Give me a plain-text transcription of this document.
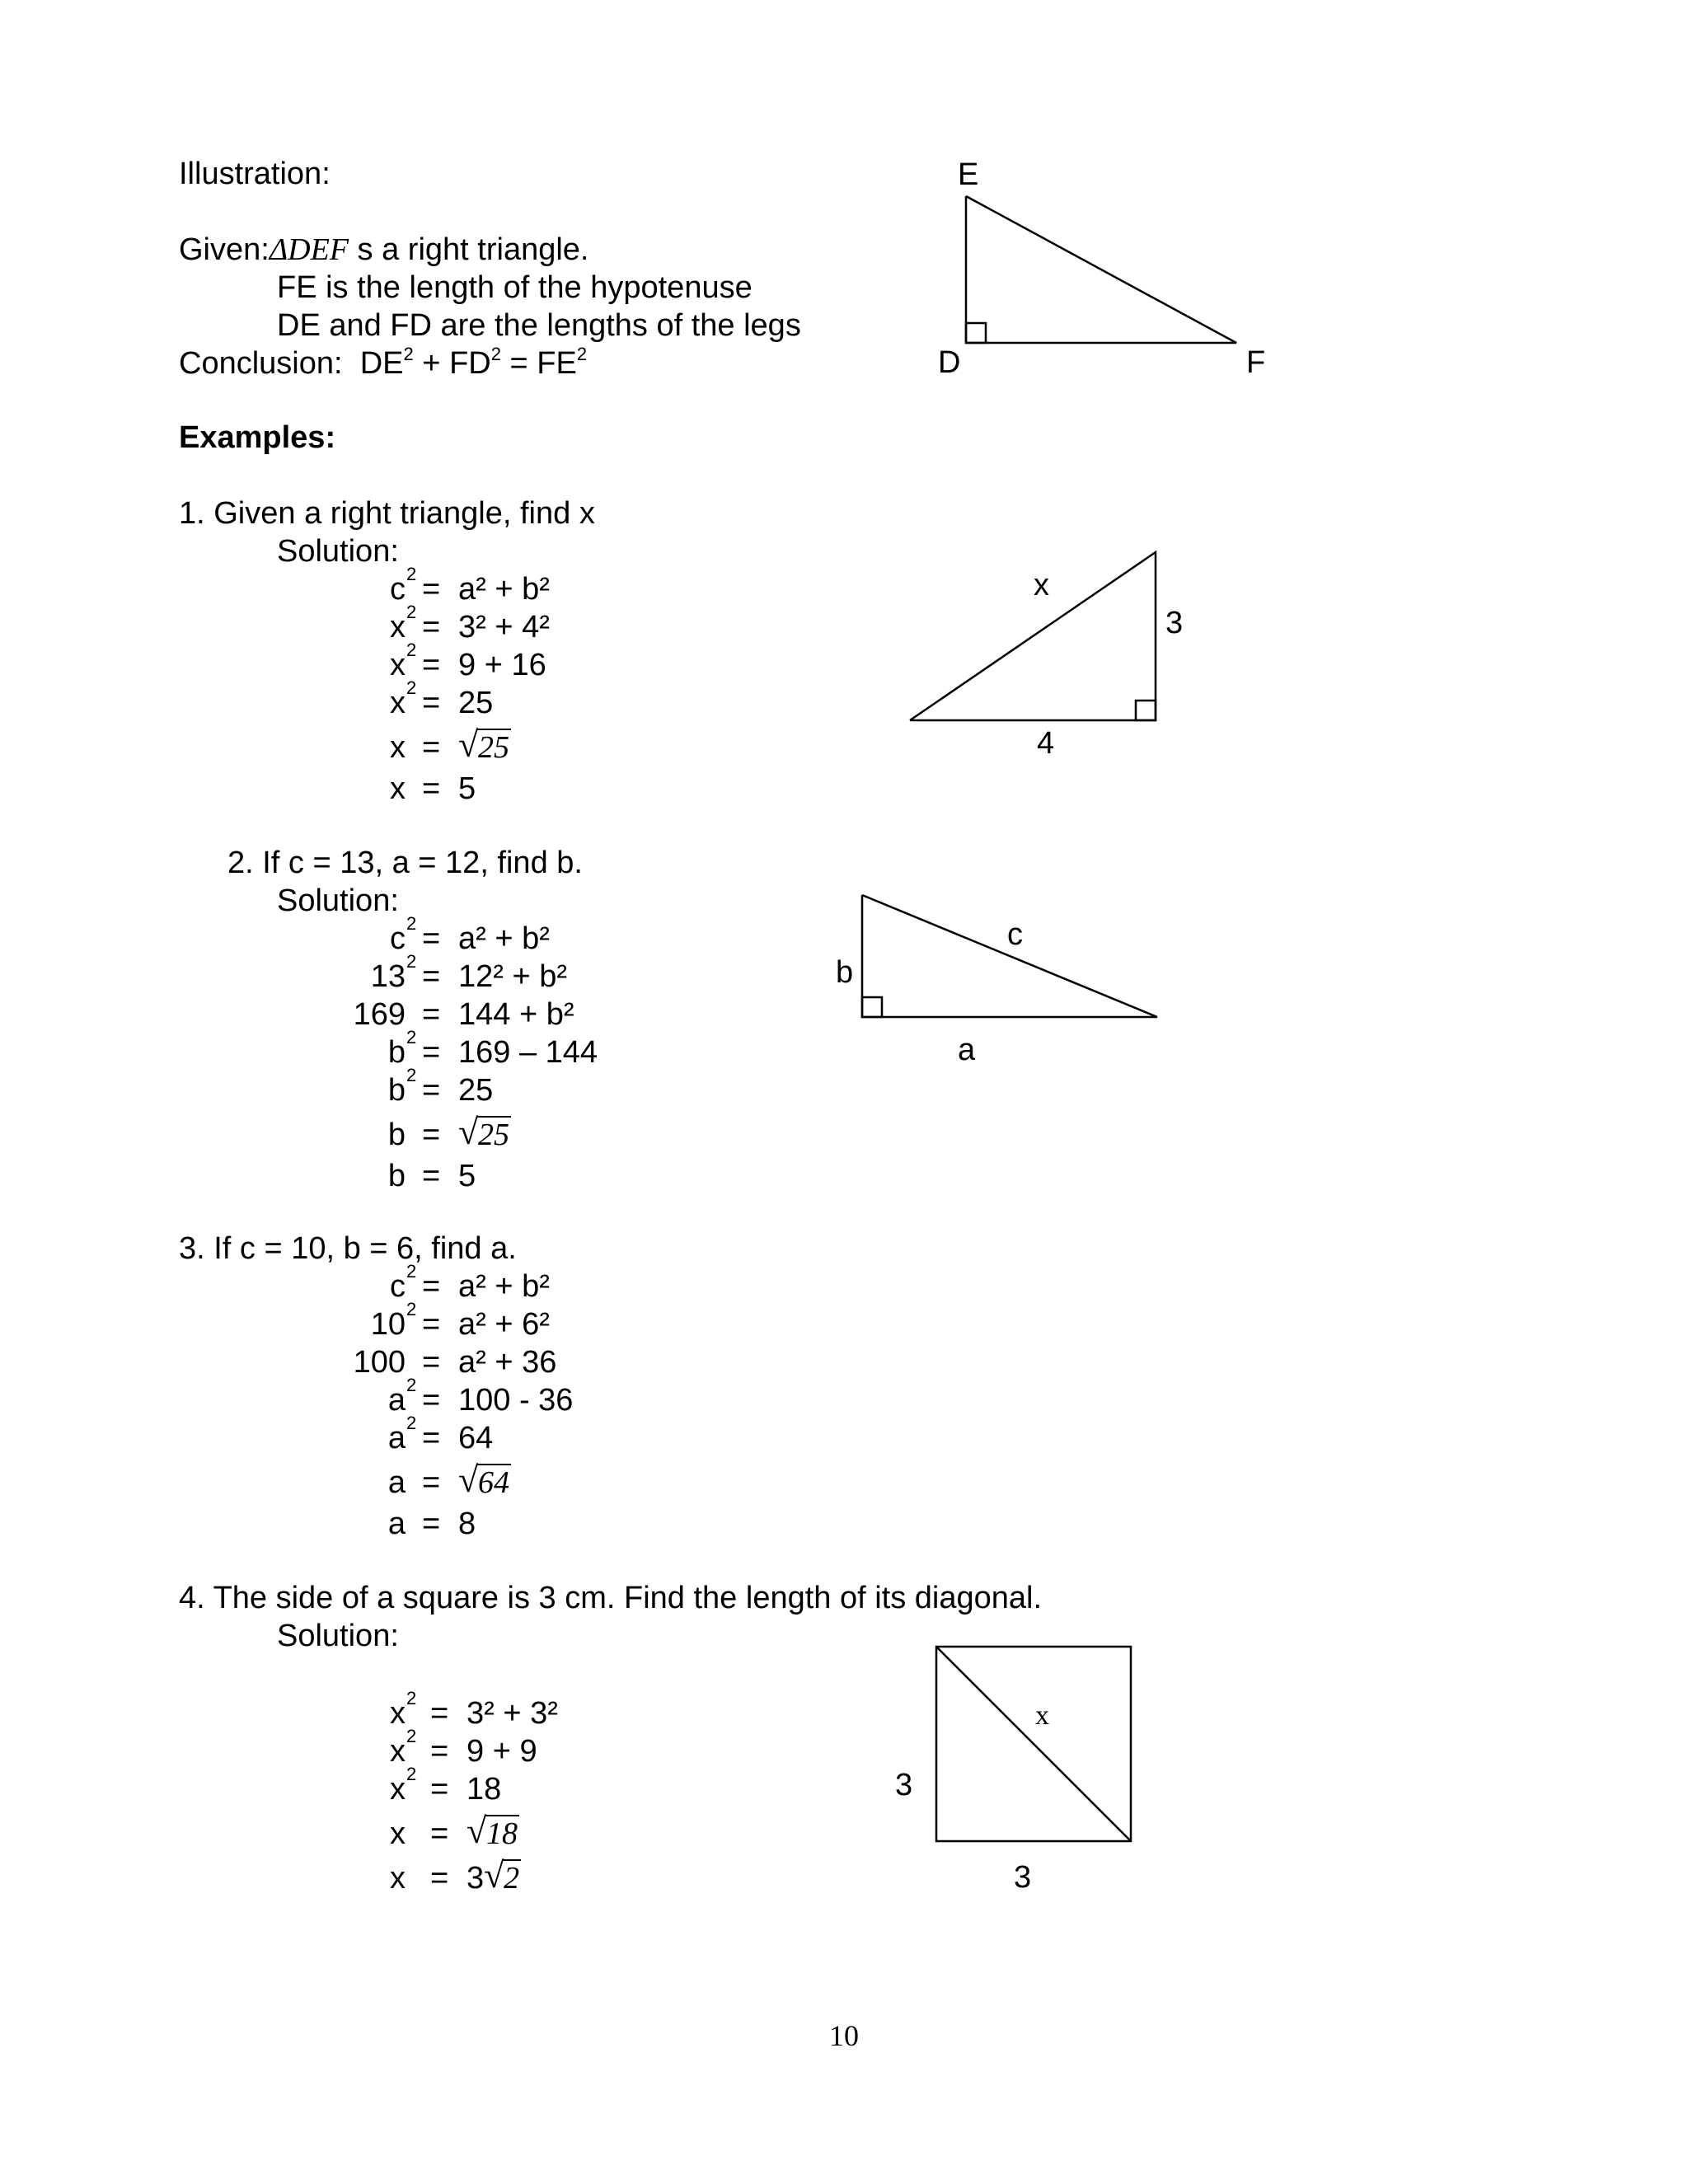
Illustration:
Given:ΔDEF s a right triangle.
FE is the length of the hypotenuse
DE and FD are the lengths of the legs
Conclusion: $DE^2 + FD^2 = FE^2$
E
D	F
Examples:
1. Given a right triangle, find x
Solution:
c 2 = a² + b²
x 2 = 3² + 4²
x 2 = 9 + 16
x 2 = 25
x = √ 25
x = 5
x
3
4
2. If c = 13, a = 12, find b.
Solution:
c 2 = a² + b²
13 2 = 12² + b²
169 = 144 + b²
b 2 = 169 – 144
b 2 = 25
b = √ 25
b = 5
c
b
a
3. If c = 10, b = 6, find a.
c 2 = a² + b²
10 2 = a² + 6²
100 = a² + 36
a 2 = 100 - 36
a 2 = 64
a = √ 64
a = 8
4. The side of a square is 3 cm. Find the length of its diagonal.
Solution:
x 2 = 3² + 3²
x 2 = 9 + 9
x 2 = 18
x = √ 18
x = 3 √ 2
x
3
3
10
